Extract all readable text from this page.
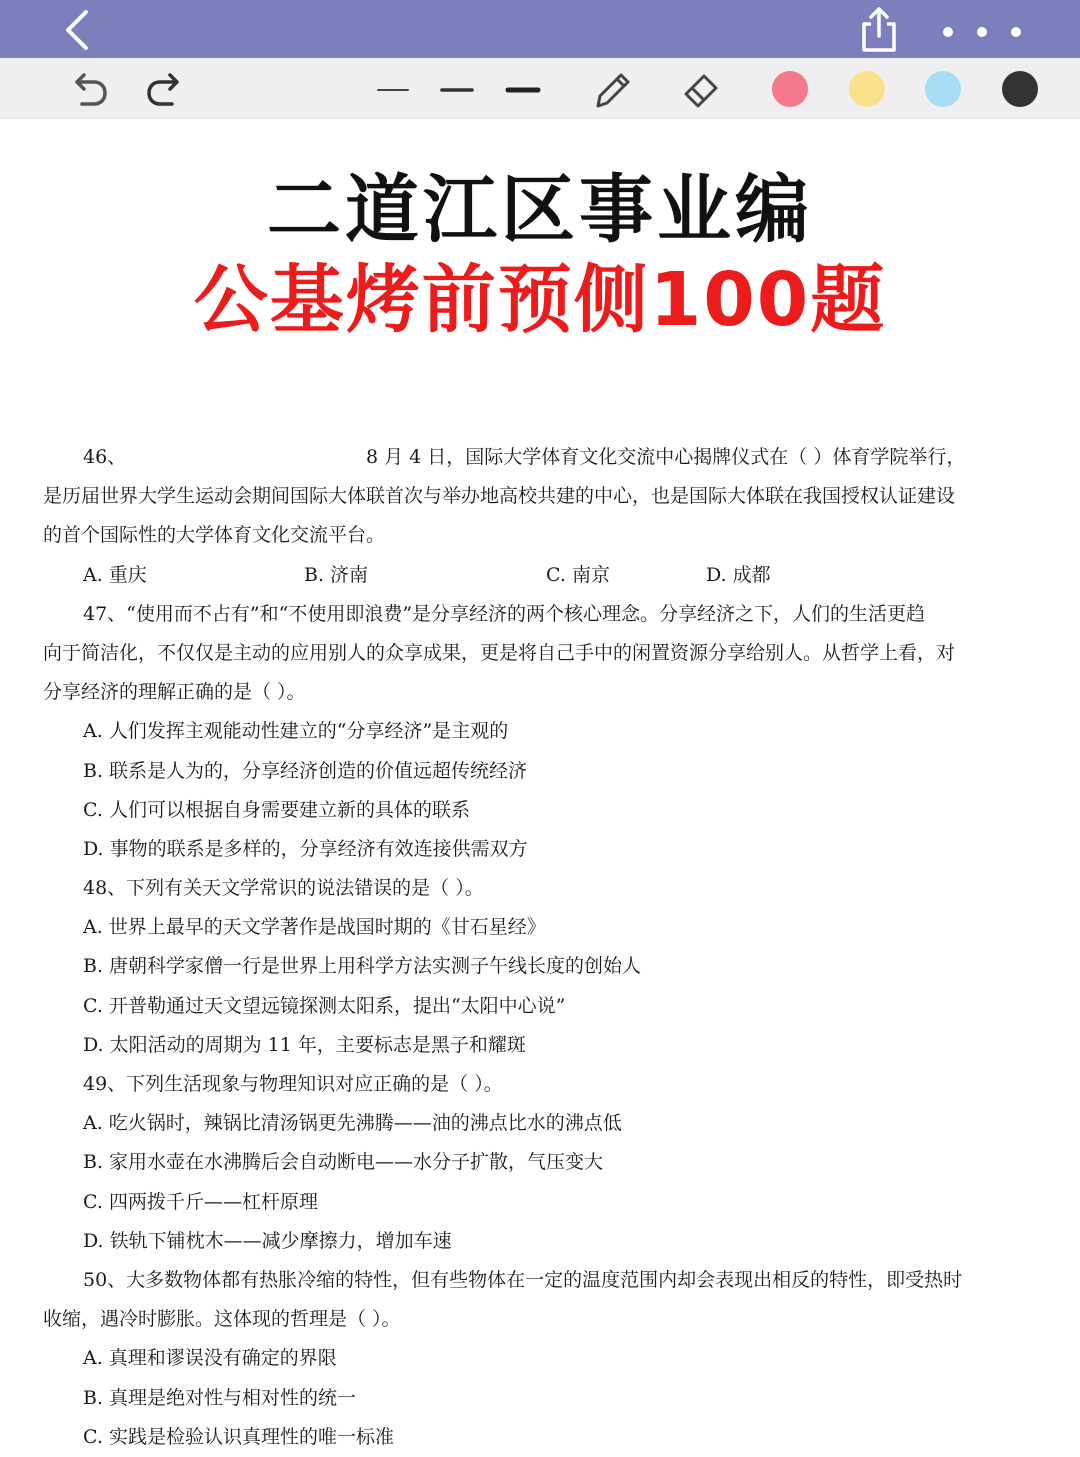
二道江区事业编
公基烤前预侧100题
46、	8 月 4 日，国际大学体育文化交流中心揭牌仪式在（ ）体育学院举行，
是历届世界大学生运动会期间国际大体联首次与举办地高校共建的中心，也是国际大体联在我国授权认证建设
的首个国际性的大学体育文化交流平台。
A. 重庆	B. 济南	C. 南京	D. 成都
47、“使用而不占有”和“不使用即浪费”是分享经济的两个核心理念。分享经济之下，人们的生活更趋
向于简洁化，不仅仅是主动的应用别人的众享成果，更是将自己手中的闲置资源分享给别人。从哲学上看，对
分享经济的理解正确的是（ ）。
A. 人们发挥主观能动性建立的“分享经济”是主观的
B. 联系是人为的，分享经济创造的价值远超传统经济
C. 人们可以根据自身需要建立新的具体的联系
D. 事物的联系是多样的，分享经济有效连接供需双方
48、下列有关天文学常识的说法错误的是（ ）。
A. 世界上最早的天文学著作是战国时期的《甘石星经》
B. 唐朝科学家僧一行是世界上用科学方法实测子午线长度的创始人
C. 开普勒通过天文望远镜探测太阳系，提出“太阳中心说”
D. 太阳活动的周期为 11 年，主要标志是黑子和耀斑
49、下列生活现象与物理知识对应正确的是（ ）。
A. 吃火锅时，辣锅比清汤锅更先沸腾——油的沸点比水的沸点低
B. 家用水壶在水沸腾后会自动断电——水分子扩散，气压变大
C. 四两拨千斤——杠杆原理
D. 铁轨下铺枕木——减少摩擦力，增加车速
50、大多数物体都有热胀冷缩的特性，但有些物体在一定的温度范围内却会表现出相反的特性，即受热时
收缩，遇冷时膨胀。这体现的哲理是（ ）。
A. 真理和谬误没有确定的界限
B. 真理是绝对性与相对性的统一
C. 实践是检验认识真理性的唯一标准
